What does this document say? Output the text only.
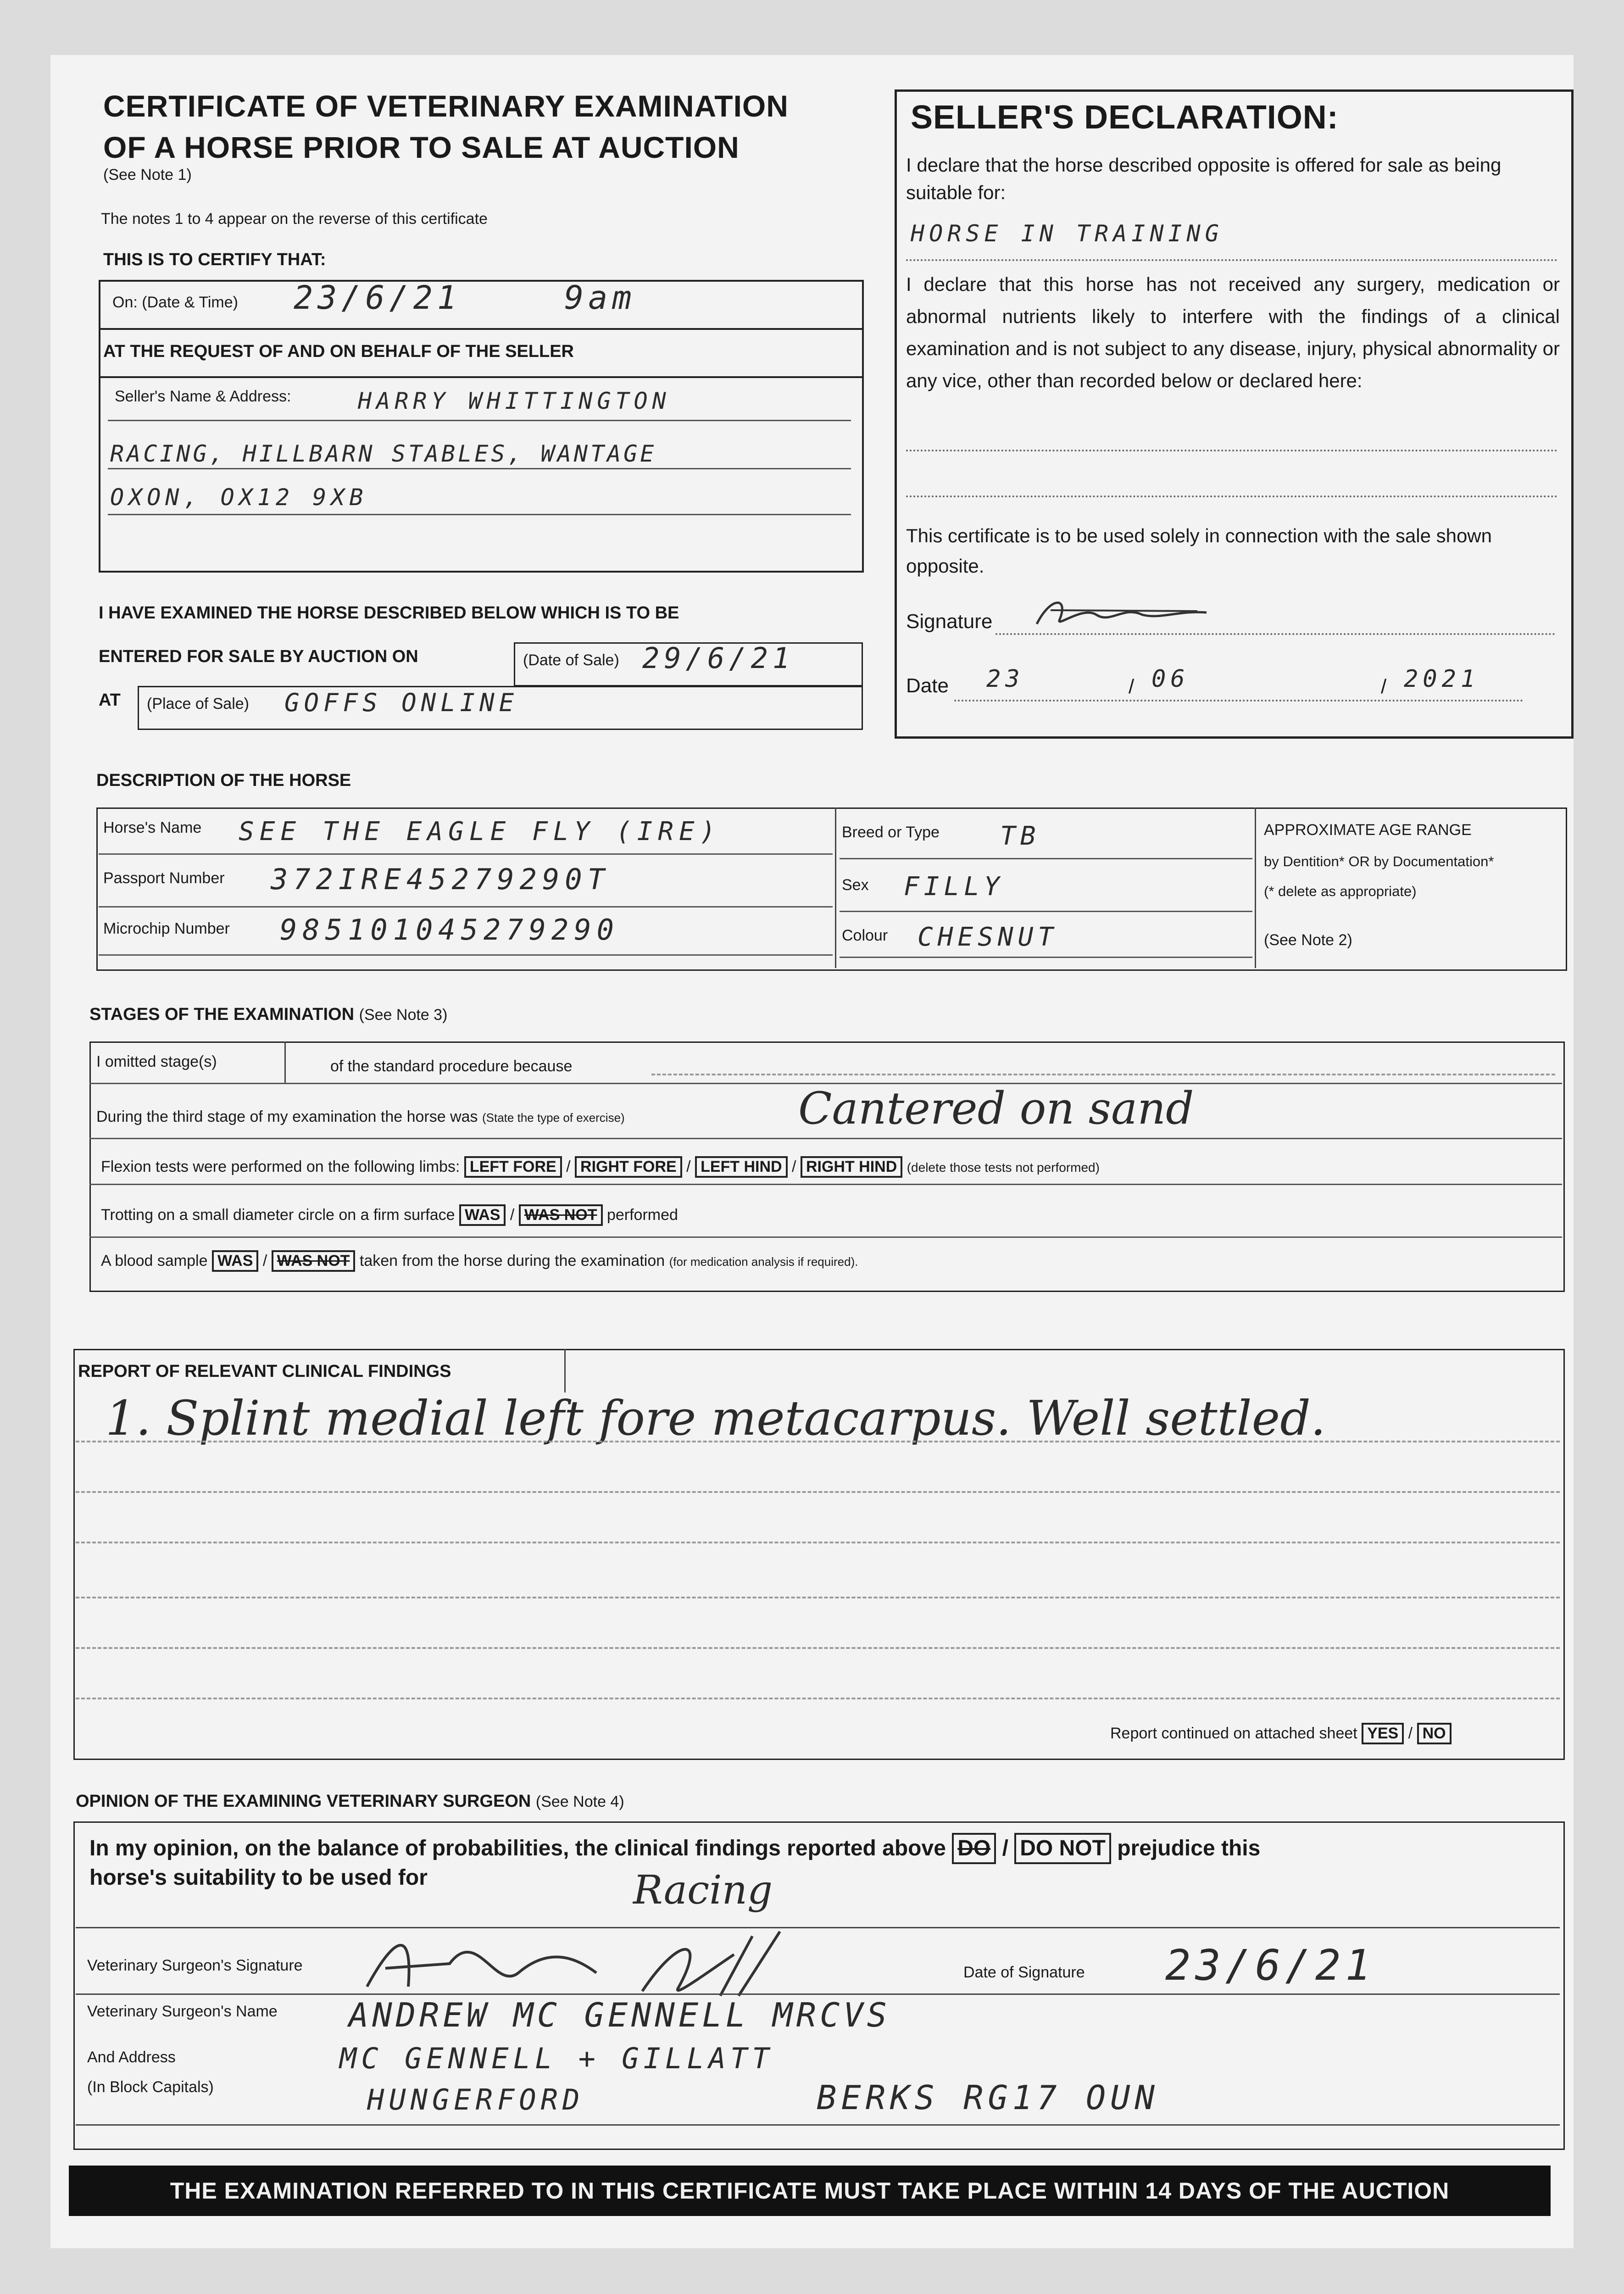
CERTIFICATE OF VETERINARY EXAMINATION
OF A HORSE PRIOR TO SALE AT AUCTION
(See Note 1)
The notes 1 to 4 appear on the reverse of this certificate
THIS IS TO CERTIFY THAT:
On: (Date & Time) 23/6/21	9am
AT THE REQUEST OF AND ON BEHALF OF THE SELLER
Seller's Name & Address:	HARRY WHITTINGTON
RACING, HILLBARN STABLES, WANTAGE
OXON, OX12 9XB
I HAVE EXAMINED THE HORSE DESCRIBED BELOW WHICH IS TO BE
ENTERED FOR SALE BY AUCTION ON	(Date of Sale) 29/6/21
AT (Place of Sale) GOFFS ONLINE
SELLER'S DECLARATION:
I declare that the horse described opposite is offered for sale as being suitable for:
HORSE IN TRAINING
I declare that this horse has not received any surgery, medication or abnormal nutrients likely to interfere with the findings of a clinical examination and is not subject to any disease, injury, physical abnormality or any vice, other than recorded below or declared here:
This certificate is to be used solely in connection with the sale shown opposite.
Signature
Date 23	/ 06	/ 2021
DESCRIPTION OF THE HORSE
Horse's Name SEE THE EAGLE FLY (IRE)
Passport Number 372IRE45279290T
Microchip Number 985101045279290
Breed or Type TB
Sex FILLY
Colour CHESNUT
APPROXIMATE AGE RANGE
by Dentition* OR by Documentation*
(* delete as appropriate)
(See Note 2)
STAGES OF THE EXAMINATION (See Note 3)
I omitted stage(s)	of the standard procedure because
During the third stage of my examination the horse was (State the type of exercise)	Cantered on sand
Flexion tests were performed on the following limbs: LEFT FORE / RIGHT FORE / LEFT HIND / RIGHT HIND (delete those tests not performed)
Trotting on a small diameter circle on a firm surface WAS / WAS NOT performed
A blood sample WAS / WAS NOT taken from the horse during the examination (for medication analysis if required).
REPORT OF RELEVANT CLINICAL FINDINGS
1. Splint medial left fore metacarpus. Well settled.
Report continued on attached sheet YES / NO
OPINION OF THE EXAMINING VETERINARY SURGEON (See Note 4)
In my opinion, on the balance of probabilities, the clinical findings reported above DO / DO NOT prejudice this
horse's suitability to be used for	Racing
Veterinary Surgeon's Signature	Date of Signature 23/6/21
Veterinary Surgeon's Name ANDREW MC GENNELL MRCVS
And Address
(In Block Capitals)
MC GENNELL + GILLATT
HUNGERFORD	BERKS RG17 OUN
THE EXAMINATION REFERRED TO IN THIS CERTIFICATE MUST TAKE PLACE WITHIN 14 DAYS OF THE AUCTION
